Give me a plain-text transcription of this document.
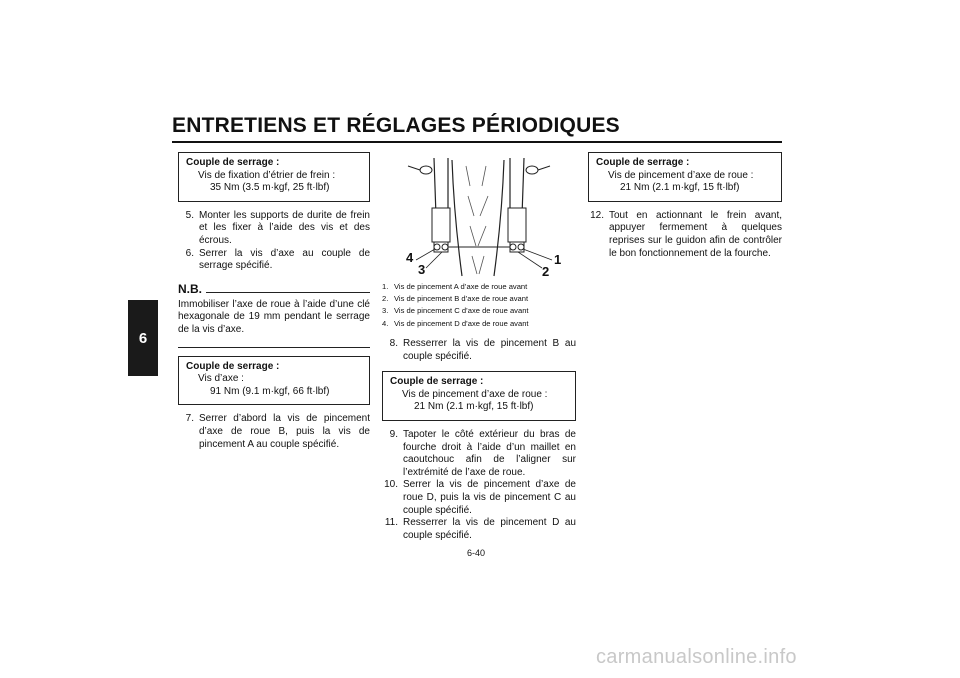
ENTRETIENS ET RÉGLAGES PÉRIODIQUES
6
Couple de serrage :
Vis de fixation d’étrier de frein :
35 Nm (3.5 m·kgf, 25 ft·lbf)
5. Monter les supports de durite de frein et les fixer à l’aide des vis et des écrous.
6. Serrer la vis d’axe au couple de serrage spécifié.
N.B.
Immobiliser l’axe de roue à l’aide d’une clé hexagonale de 19 mm pendant le serrage de la vis d’axe.
Couple de serrage :
Vis d’axe :
91 Nm (9.1 m·kgf, 66 ft·lbf)
7. Serrer d’abord la vis de pincement d’axe de roue B, puis la vis de pincement A au couple spécifié.
4
3
1
2
1. Vis de pincement A d’axe de roue avant
2. Vis de pincement B d’axe de roue avant
3. Vis de pincement C d’axe de roue avant
4. Vis de pincement D d’axe de roue avant
8. Resserrer la vis de pincement B au couple spécifié.
Couple de serrage :
Vis de pincement d’axe de roue :
21 Nm (2.1 m·kgf, 15 ft·lbf)
9. Tapoter le côté extérieur du bras de fourche droit à l’aide d’un maillet en caoutchouc afin de l’aligner sur l’extrémité de l’axe de roue.
10. Serrer la vis de pincement d’axe de roue D, puis la vis de pincement C au couple spécifié.
11. Resserrer la vis de pincement D au couple spécifié.
Couple de serrage :
Vis de pincement d’axe de roue :
21 Nm (2.1 m·kgf, 15 ft·lbf)
12. Tout en actionnant le frein avant, appuyer fermement à quelques reprises sur le guidon afin de contrôler le bon fonctionnement de la fourche.
6-40
carmanualsonline.info
